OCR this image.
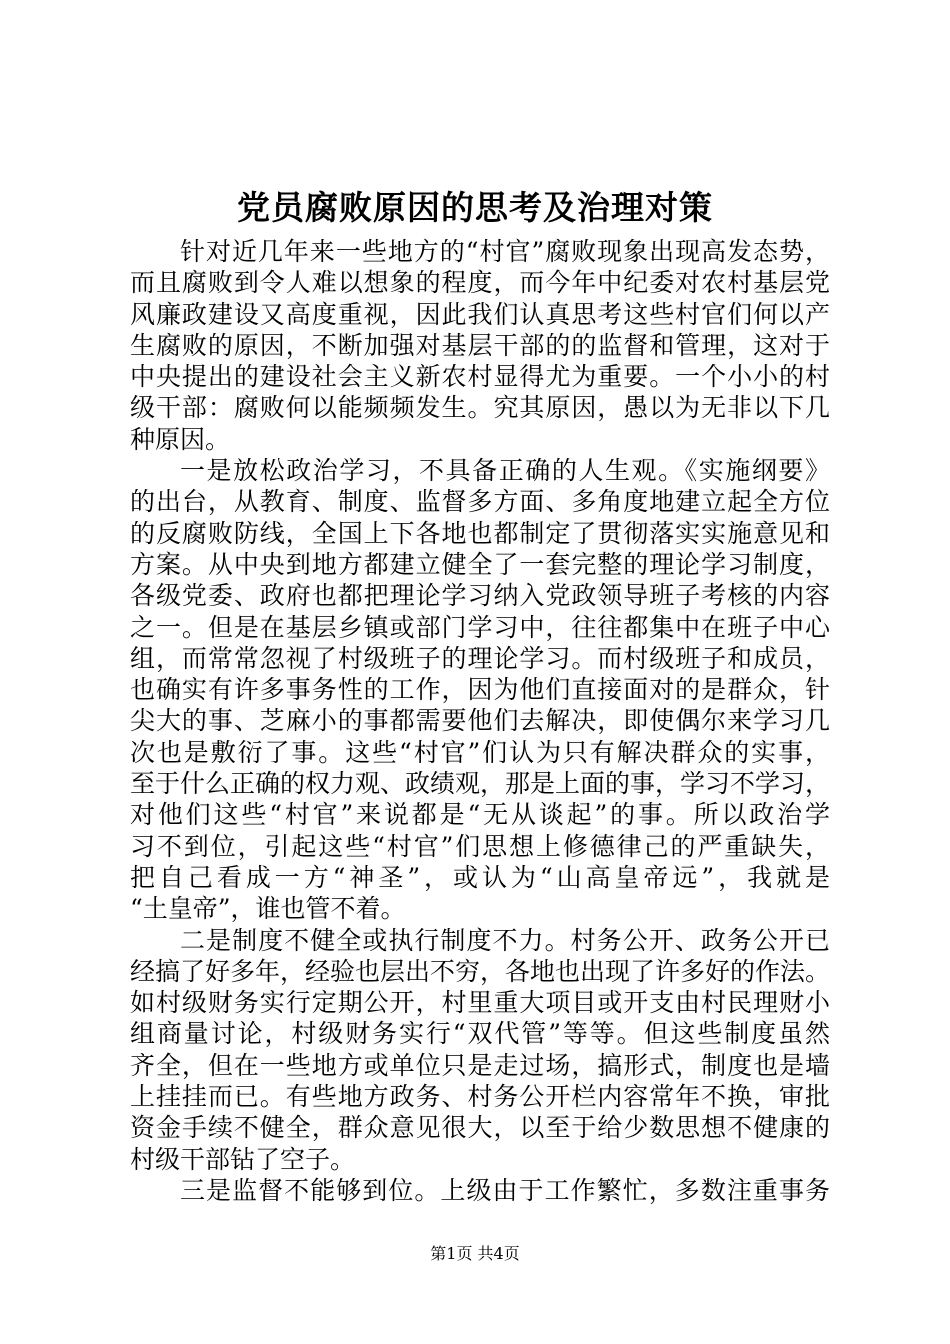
党员腐败原因的思考及治理对策
针对近几年来一些地方的“村官”腐败现象出现高发态势，
而且腐败到令人难以想象的程度，而今年中纪委对农村基层党
风廉政建设又高度重视，因此我们认真思考这些村官们何以产
生腐败的原因，不断加强对基层干部的的监督和管理，这对于
中央提出的建设社会主义新农村显得尤为重要。一个小小的村
级干部：腐败何以能频频发生。究其原因，愚以为无非以下几
种原因。
一是放松政治学习，不具备正确的人生观。《实施纲要》
的出台，从教育、制度、监督多方面、多角度地建立起全方位
的反腐败防线，全国上下各地也都制定了贯彻落实实施意见和
方案。从中央到地方都建立健全了一套完整的理论学习制度，
各级党委、政府也都把理论学习纳入党政领导班子考核的内容
之一。但是在基层乡镇或部门学习中，往往都集中在班子中心
组，而常常忽视了村级班子的理论学习。而村级班子和成员，
也确实有许多事务性的工作，因为他们直接面对的是群众，针
尖大的事、芝麻小的事都需要他们去解决，即使偶尔来学习几
次也是敷衍了事。这些“村官”们认为只有解决群众的实事，
至于什么正确的权力观、政绩观，那是上面的事，学习不学习，
对他们这些“村官”来说都是“无从谈起”的事。所以政治学
习不到位，引起这些“村官”们思想上修德律己的严重缺失，
把自己看成一方“神圣”，或认为“山高皇帝远”，我就是
“土皇帝”，谁也管不着。
二是制度不健全或执行制度不力。村务公开、政务公开已
经搞了好多年，经验也层出不穷，各地也出现了许多好的作法。
如村级财务实行定期公开，村里重大项目或开支由村民理财小
组商量讨论，村级财务实行“双代管”等等。但这些制度虽然
齐全，但在一些地方或单位只是走过场，搞形式，制度也是墙
上挂挂而已。有些地方政务、村务公开栏内容常年不换，审批
资金手续不健全，群众意见很大，以至于给少数思想不健康的
村级干部钻了空子。
三是监督不能够到位。上级由于工作繁忙，多数注重事务
第1页 共4页
